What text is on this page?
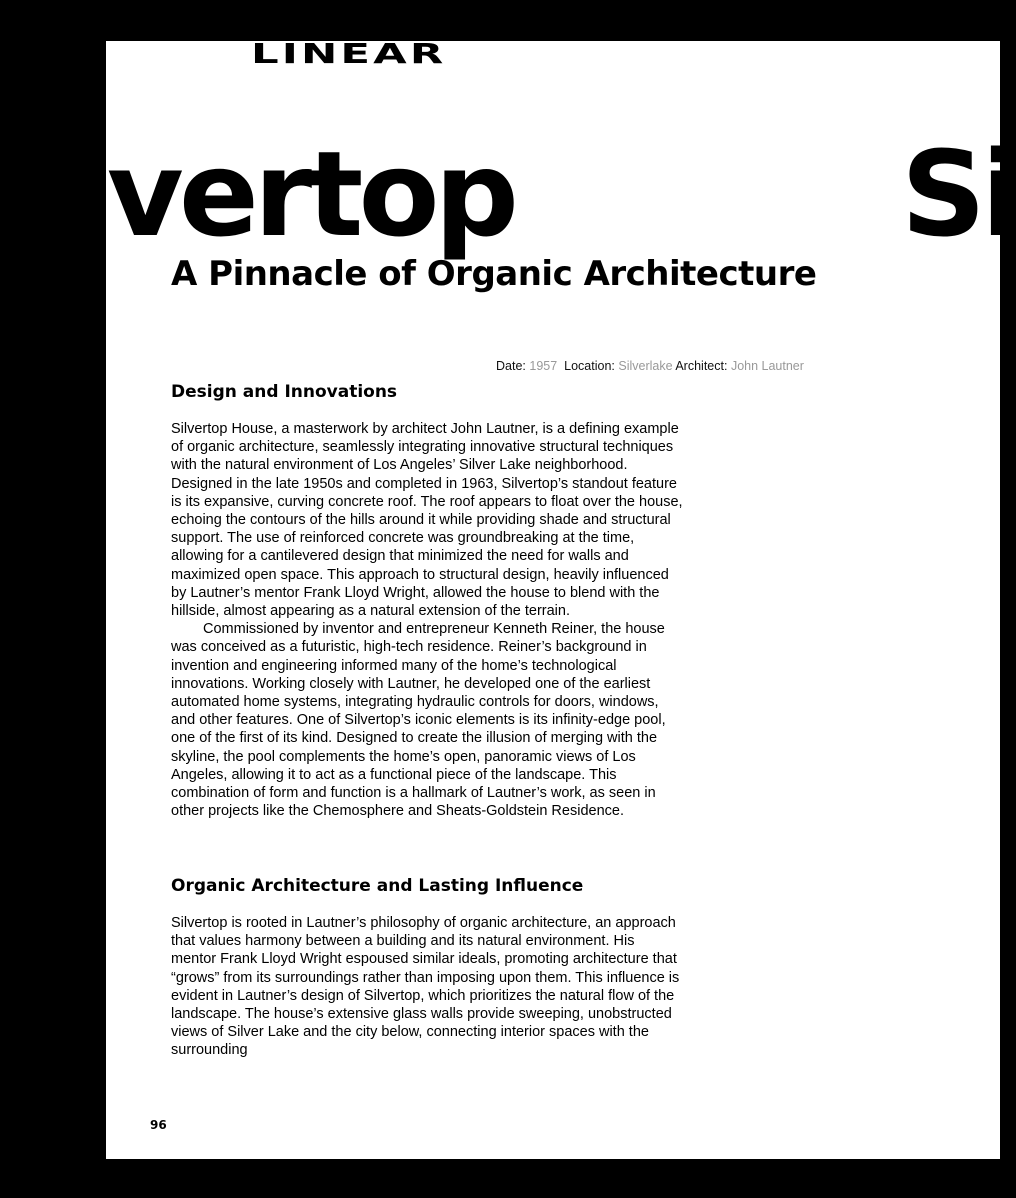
LINEAR
ilvertop	Si
A Pinnacle of Organic Architecture
Date: 1957 Location: Silverlake Architect: John Lautner
Design and Innovations

Silvertop House, a masterwork by architect John Lautner, is a defining example of organic architecture, seamlessly integrating innovative structural techniques with the natural environment of Los Angeles’ Silver Lake neighborhood. Designed in the late 1950s and completed in 1963, Silvertop’s standout feature is its expansive, curving concrete roof. The roof appears to float over the house, echoing the contours of the hills around it while providing shade and structural support. The use of reinforced concrete was groundbreaking at the time, allowing for a cantilevered design that minimized the need for walls and maximized open space. This approach to structural design, heavily influenced by Lautner’s mentor Frank Lloyd Wright, allowed the house to blend with the hillside, almost appearing as a natural extension of the terrain.

Commissioned by inventor and entrepreneur Kenneth Reiner, the house was conceived as a futuristic, high-tech residence. Reiner’s background in invention and engineering informed many of the home’s technological innovations. Working closely with Lautner, he developed one of the earliest automated home systems, integrating hydraulic controls for doors, windows, and other features. One of Silvertop’s iconic elements is its infinity-edge pool, one of the first of its kind. Designed to create the illusion of merging with the skyline, the pool complements the home’s open, panoramic views of Los Angeles, allowing it to act as a functional piece of the landscape. This combination of form and function is a hallmark of Lautner’s work, as seen in other projects like the Chemosphere and Sheats-Goldstein Residence.

Organic Architecture and Lasting Influence

Silvertop is rooted in Lautner’s philosophy of organic architecture, an approach that values harmony between a building and its natural environment. His mentor Frank Lloyd Wright espoused similar ideals, promoting architecture that “grows” from its surroundings rather than imposing upon them. This influence is evident in Lautner’s design of Silvertop, which prioritizes the natural flow of the landscape. The house’s extensive glass walls provide sweeping, unobstructed views of Silver Lake and the city below, connecting interior spaces with the surrounding

96
